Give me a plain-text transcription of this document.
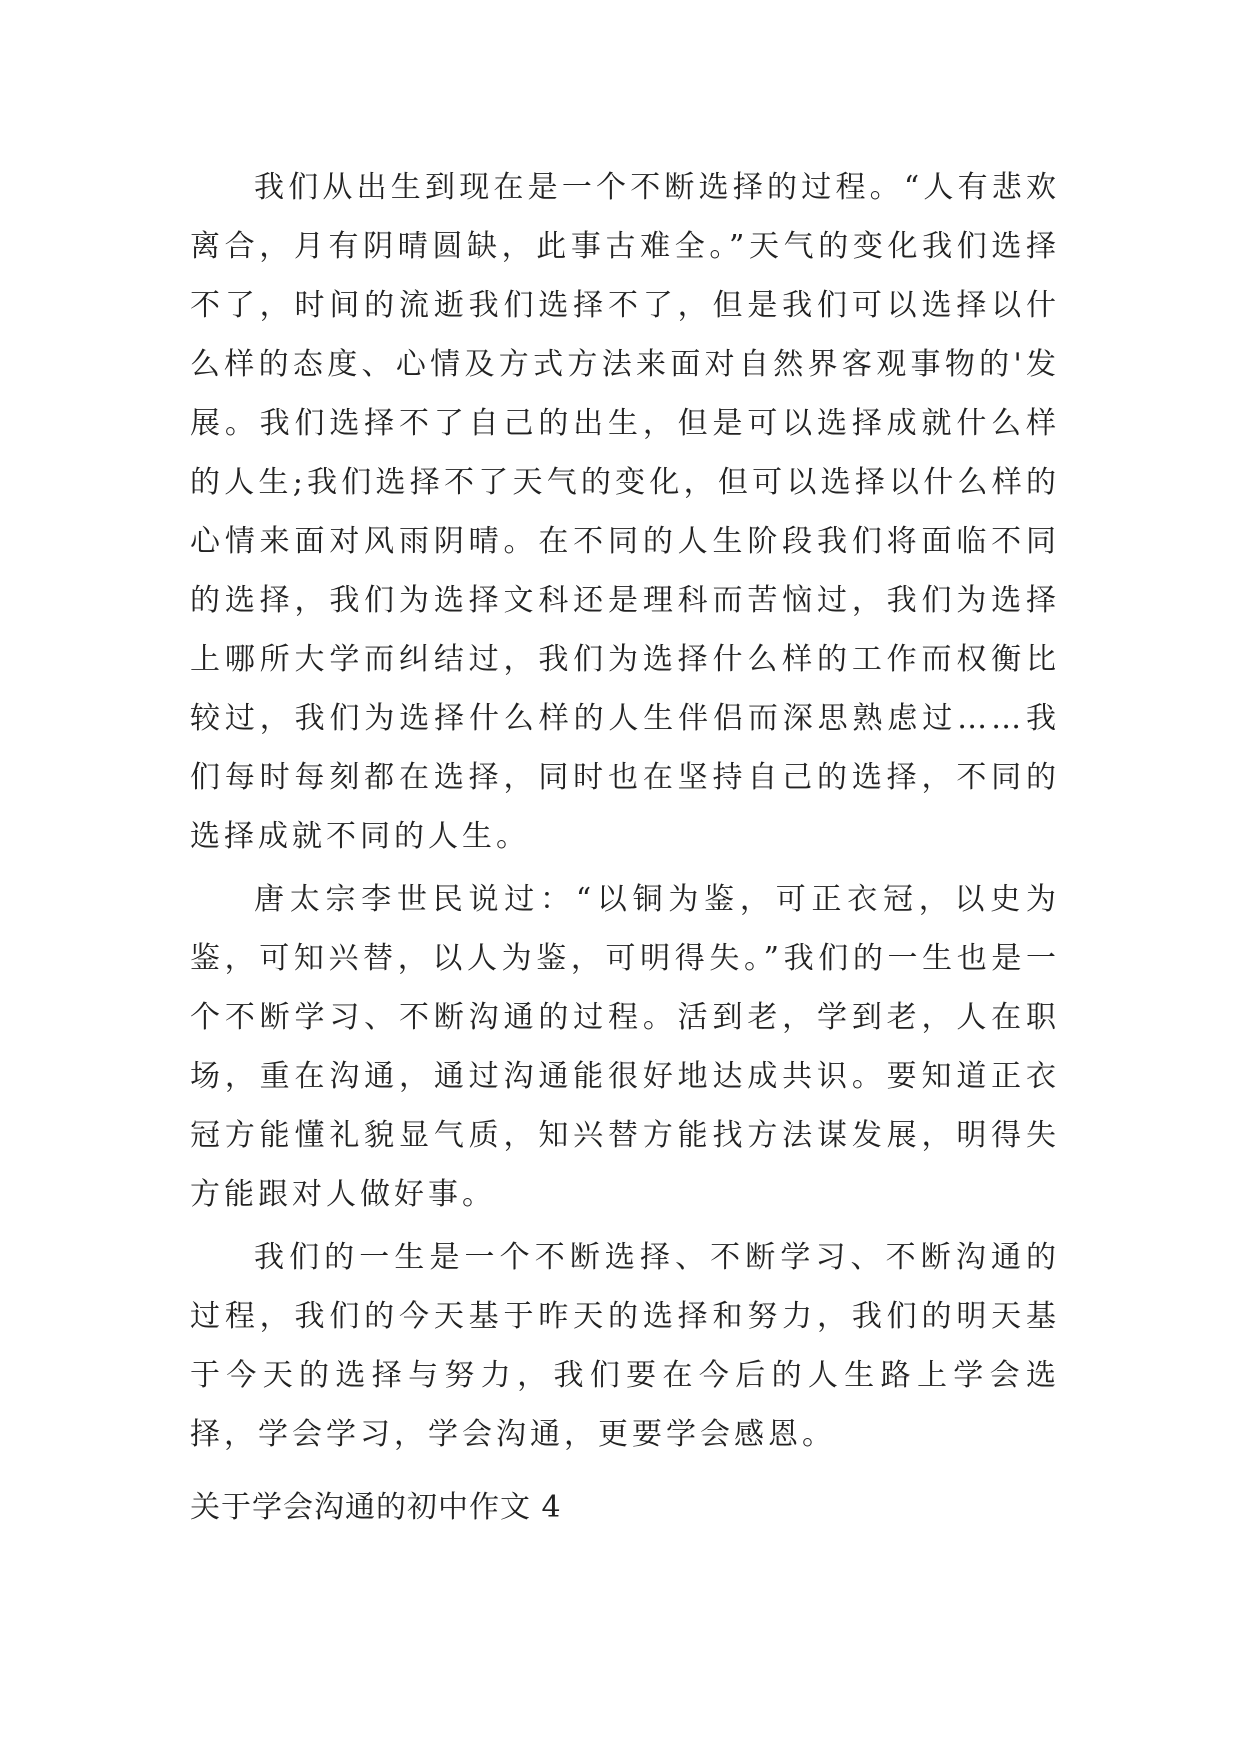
我们从出生到现在是一个不断选择的过程。“人有悲欢离合，月有阴晴圆缺，此事古难全。”天气的变化我们选择不了，时间的流逝我们选择不了，但是我们可以选择以什么样的态度、心情及方式方法来面对自然界客观事物的'发展。我们选择不了自己的出生，但是可以选择成就什么样的人生;我们选择不了天气的变化，但可以选择以什么样的心情来面对风雨阴晴。在不同的人生阶段我们将面临不同的选择，我们为选择文科还是理科而苦恼过，我们为选择上哪所大学而纠结过，我们为选择什么样的工作而权衡比较过，我们为选择什么样的人生伴侣而深思熟虑过……我们每时每刻都在选择，同时也在坚持自己的选择，不同的选择成就不同的人生。

唐太宗李世民说过：“以铜为鉴，可正衣冠，以史为鉴，可知兴替，以人为鉴，可明得失。”我们的一生也是一个不断学习、不断沟通的过程。活到老，学到老，人在职场，重在沟通，通过沟通能很好地达成共识。要知道正衣冠方能懂礼貌显气质，知兴替方能找方法谋发展，明得失方能跟对人做好事。

我们的一生是一个不断选择、不断学习、不断沟通的过程，我们的今天基于昨天的选择和努力，我们的明天基于今天的选择与努力，我们要在今后的人生路上学会选择，学会学习，学会沟通，更要学会感恩。

关于学会沟通的初中作文 4
